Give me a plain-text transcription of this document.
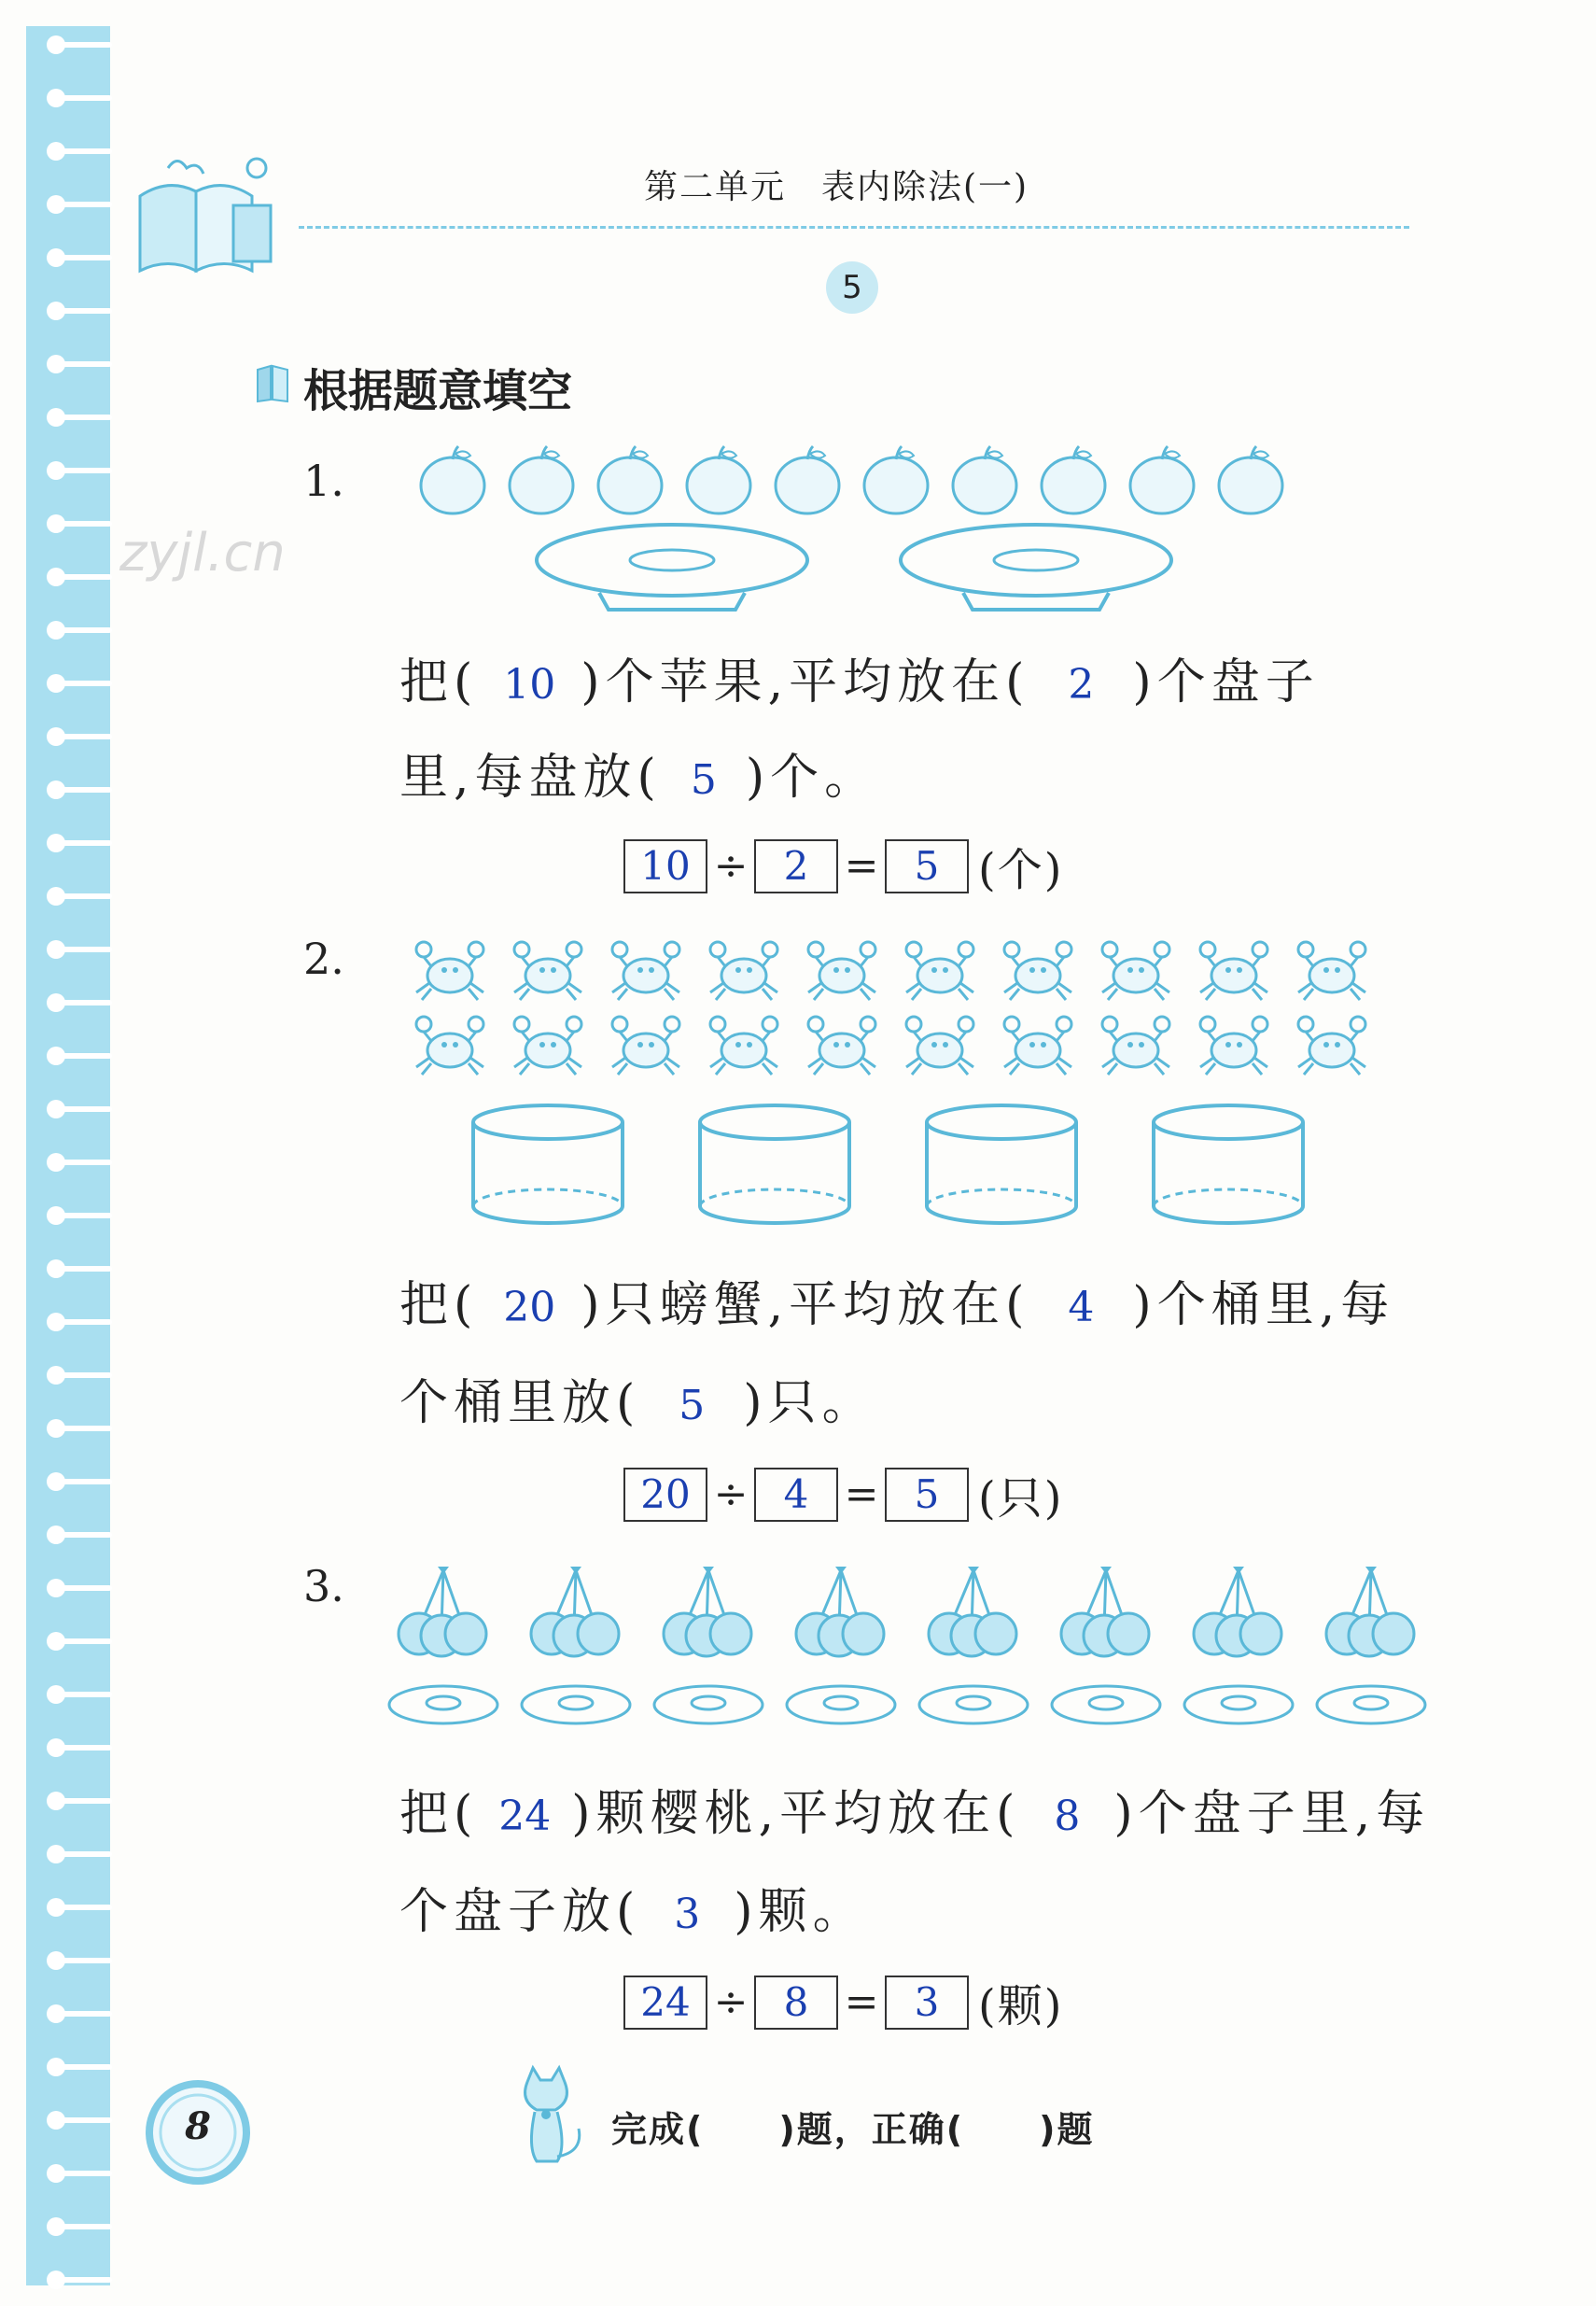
第二单元　表内除法(一)
5
根据题意填空
zyjl.cn
1.
把( 10 )个苹果,平均放在( 2 )个盘子
里,每盘放( 5 )个。
10 ÷ 2 = 5 (个)
2.
把( 20 )只螃蟹,平均放在( 4 )个桶里,每
个桶里放( 5 )只。
20 ÷ 4 = 5 (只)
3.
把( 24 )颗樱桃,平均放在( 8 )个盘子里,每
个盘子放( 3 )颗。
24 ÷ 8 = 3 (颗)
8	完成(　　)题，正确(　　)题
